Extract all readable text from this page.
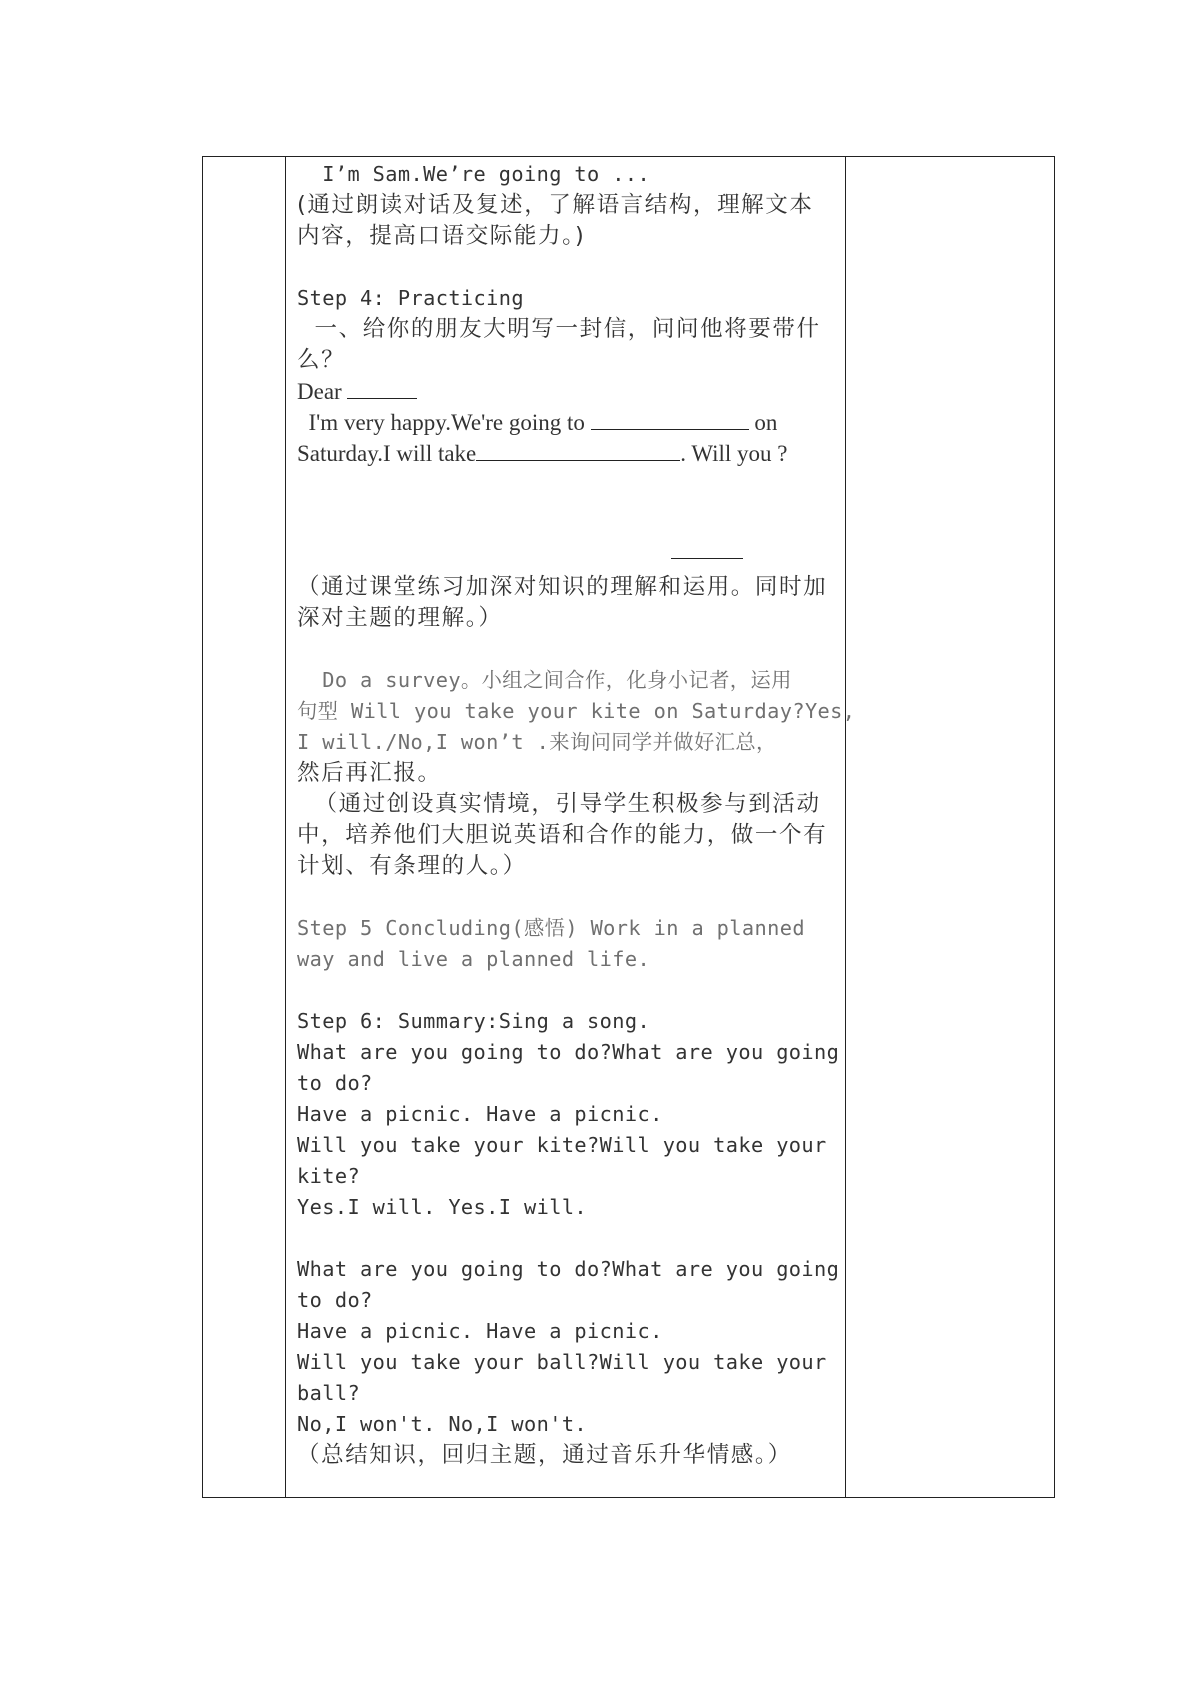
I’m Sam.We’re going to ...
(通过朗读对话及复述，了解语言结构，理解文本
内容，提高口语交际能力。)
Step 4: Practicing
一、给你的朋友大明写一封信，问问他将要带什
么？
Dear
I'm very happy.We're going to	on
Saturday.I will take	. Will you ?
（通过课堂练习加深对知识的理解和运用。同时加
深对主题的理解。）
Do a survey。小组之间合作，化身小记者，运用
句型 Will you take your kite on Saturday?Yes,
I will./No,I won’t .来询问同学并做好汇总，
然后再汇报。
（通过创设真实情境，引导学生积极参与到活动
中，培养他们大胆说英语和合作的能力，做一个有
计划、有条理的人。）
Step 5 Concluding(感悟) Work in a planned
way and live a planned life.
Step 6: Summary:Sing a song.
What are you going to do?What are you going
to do?
Have a picnic. Have a picnic.
Will you take your kite?Will you take your
kite?
Yes.I will. Yes.I will.
What are you going to do?What are you going
to do?
Have a picnic. Have a picnic.
Will you take your ball?Will you take your
ball?
No,I won't. No,I won't.
（总结知识，回归主题，通过音乐升华情感。）
